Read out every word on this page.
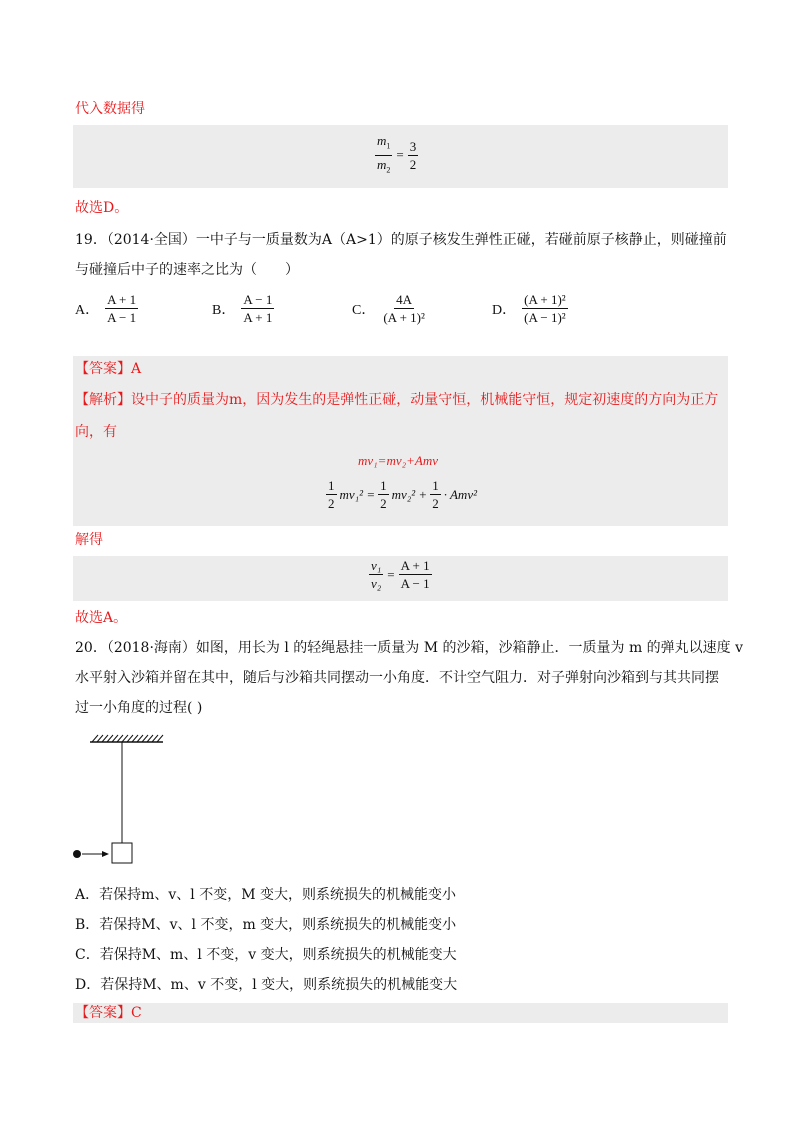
代入数据得
$\frac{m_1}{m_2} = \frac{3}{2}$
故选D。
19．（2014·全国）一中子与一质量数为A（A>1）的原子核发生弹性正碰，若碰前原子核静止，则碰撞前
与碰撞后中子的速率之比为（　　）
A． $\frac{A + 1}{A - 1}$	B． $\frac{A - 1}{A + 1}$	C． $\frac{4A}{\text{(A + 1)²}}$	D． $\frac{\text{(A + 1)²}}{\text{(A − 1)²}}$
【答案】A
【解析】设中子的质量为m，因为发生的是弹性正碰，动量守恒，机械能守恒，规定初速度的方向为正方
向，有
mv₁=mv₂+Amv
$\frac{1}{2} mv_1^2 = \frac{1}{2} mv_2^2 + \frac{1}{2} \cdot Amv^2$
解得
$\frac{\text{v₁}}{\text{v₂}} = \frac{A + 1}{A - 1}$
故选A。
20．（2018·海南）如图，用长为 l 的轻绳悬挂一质量为 M 的沙箱，沙箱静止．一质量为 m 的弹丸以速度 v
水平射入沙箱并留在其中，随后与沙箱共同摆动一小角度．不计空气阻力．对子弹射向沙箱到与其共同摆
过一小角度的过程( )
A．若保持m、v、l 不变，M 变大，则系统损失的机械能变小
B．若保持M、v、l 不变，m 变大，则系统损失的机械能变小
C．若保持M、m、l 不变，v 变大，则系统损失的机械能变大
D．若保持M、m、v 不变，l 变大，则系统损失的机械能变大
【答案】C
